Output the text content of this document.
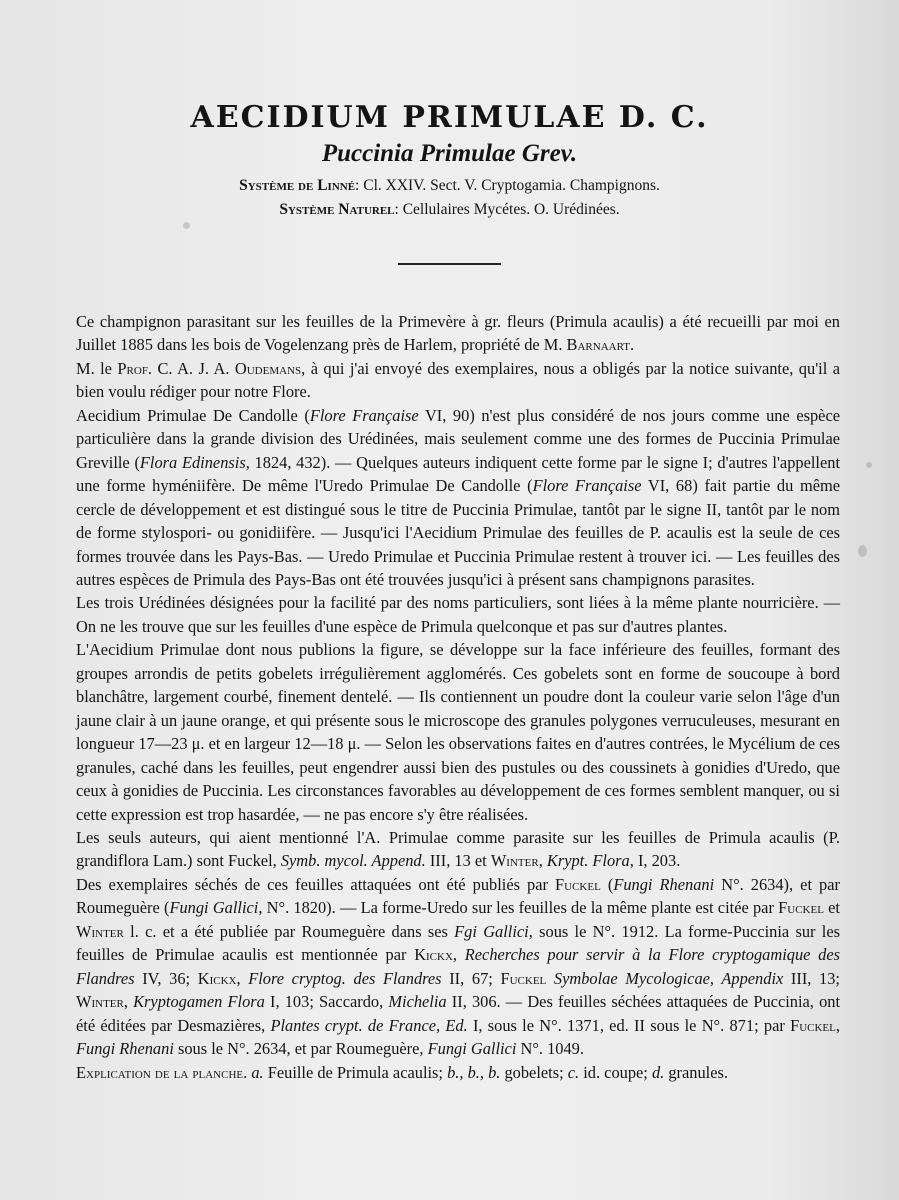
AECIDIUM PRIMULAE D. C.
Puccinia Primulae Grev.
Système de Linné: Cl. XXIV. Sect. V. Cryptogamia. Champignons.
Système Naturel: Cellulaires Mycétes. O. Urédinées.

Ce champignon parasitant sur les feuilles de la Primevère à gr. fleurs (Primula acaulis) a été recueilli par moi en Juillet 1885 dans les bois de Vogelenzang près de Harlem, propriété de M. Barnaart.

M. le Prof. C. A. J. A. Oudemans, à qui j'ai envoyé des exemplaires, nous a obligés par la notice suivante, qu'il a bien voulu rédiger pour notre Flore.

Aecidium Primulae De Candolle (Flore Française VI, 90) n'est plus considéré de nos jours comme une espèce particulière dans la grande division des Urédinées, mais seulement comme une des formes de Puccinia Primulae Greville (Flora Edinensis, 1824, 432). — Quelques auteurs indiquent cette forme par le signe I; d'autres l'appellent une forme hyméniifère. De même l'Uredo Primulae De Candolle (Flore Française VI, 68) fait partie du même cercle de développement et est distingué sous le titre de Puccinia Primulae, tantôt par le signe II, tantôt par le nom de forme stylospori- ou gonidiifère. — Jusqu'ici l'Aecidium Primulae des feuilles de P. acaulis est la seule de ces formes trouvée dans les Pays-Bas. — Uredo Primulae et Puccinia Primulae restent à trouver ici. — Les feuilles des autres espèces de Primula des Pays-Bas ont été trouvées jusqu'ici à présent sans champignons parasites.

Les trois Urédinées désignées pour la facilité par des noms particuliers, sont liées à la même plante nourricière. — On ne les trouve que sur les feuilles d'une espèce de Primula quelconque et pas sur d'autres plantes.

L'Aecidium Primulae dont nous publions la figure, se développe sur la face inférieure des feuilles, formant des groupes arrondis de petits gobelets irrégulièrement agglomérés. Ces gobelets sont en forme de soucoupe à bord blanchâtre, largement courbé, finement dentelé. — Ils contiennent un poudre dont la couleur varie selon l'âge d'un jaune clair à un jaune orange, et qui présente sous le microscope des granules polygones verruculeuses, mesurant en longueur 17—23 μ. et en largeur 12—18 μ. — Selon les observations faites en d'autres contrées, le Mycélium de ces granules, caché dans les feuilles, peut engendrer aussi bien des pustules ou des coussinets à gonidies d'Uredo, que ceux à gonidies de Puccinia. Les circonstances favorables au développement de ces formes semblent manquer, ou si cette expression est trop hasardée, — ne pas encore s'y être réalisées.

Les seuls auteurs, qui aient mentionné l'A. Primulae comme parasite sur les feuilles de Primula acaulis (P. grandiflora Lam.) sont Fuckel, Symb. mycol. Append. III, 13 et Winter, Krypt. Flora, I, 203.

Des exemplaires séchés de ces feuilles attaquées ont été publiés par Fuckel (Fungi Rhenani N°. 2634), et par Roumeguère (Fungi Gallici, N°. 1820). — La forme-Uredo sur les feuilles de la même plante est citée par Fuckel et Winter l. c. et a été publiée par Roumeguère dans ses Fgi Gallici, sous le N°. 1912. La forme-Puccinia sur les feuilles de Primulae acaulis est mentionnée par Kickx, Recherches pour servir à la Flore cryptogamique des Flandres IV, 36; Kickx, Flore cryptog. des Flandres II, 67; Fuckel Symbolae Mycologicae, Appendix III, 13; Winter, Kryptogamen Flora I, 103; Saccardo, Michelia II, 306. — Des feuilles séchées attaquées de Puccinia, ont été éditées par Desmazières, Plantes crypt. de France, Ed. I, sous le N°. 1371, ed. II sous le N°. 871; par Fuckel, Fungi Rhenani sous le N°. 2634, et par Roumeguère, Fungi Gallici N°. 1049.

Explication de la planche. a. Feuille de Primula acaulis; b., b., b. gobelets; c. id. coupe; d. granules.
